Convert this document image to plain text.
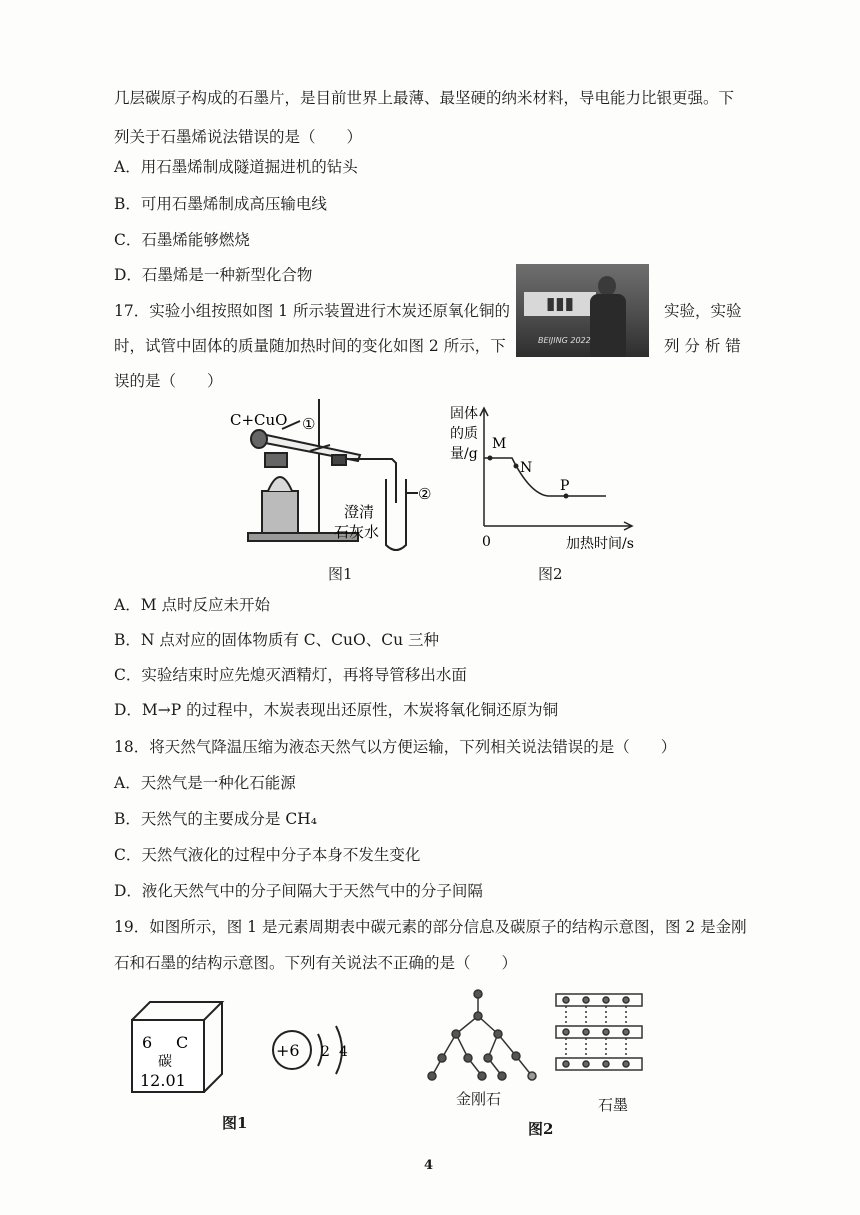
几层碳原子构成的石墨片，是目前世界上最薄、最坚硬的纳米材料，导电能力比银更强。下
列关于石墨烯说法错误的是（　　）
A．用石墨烯制成隧道掘进机的钻头
B．可用石墨烯制成高压输电线
C．石墨烯能够燃烧
D．石墨烯是一种新型化合物
17．实验小组按照如图 1 所示装置进行木炭还原氧化铜的	实验，实验
时，试管中固体的质量随加热时间的变化如图 2 所示，下	列 分 析 错
误的是（　　）
▮▮▮
BEIJING 2022
C+CuO ①
②
澄清
石灰水
图1
固体
的质
量/g
M
N
P
0	加热时间/s
图2
A．M 点时反应未开始
B．N 点对应的固体物质有 C、CuO、Cu 三种
C．实验结束时应先熄灭酒精灯，再将导管移出水面
D．M→P 的过程中，木炭表现出还原性，木炭将氧化铜还原为铜
18．将天然气降温压缩为液态天然气以方便运输，下列相关说法错误的是（　　）
A．天然气是一种化石能源
B．天然气的主要成分是 CH₄
C．天然气液化的过程中分子本身不发生变化
D．液化天然气中的分子间隔大于天然气中的分子间隔
19．如图所示，图 1 是元素周期表中碳元素的部分信息及碳原子的结构示意图，图 2 是金刚
石和石墨的结构示意图。下列有关说法不正确的是（　　）
6 C
碳
12.01
+6 2 4
图1
金刚石	石墨
图2
4
